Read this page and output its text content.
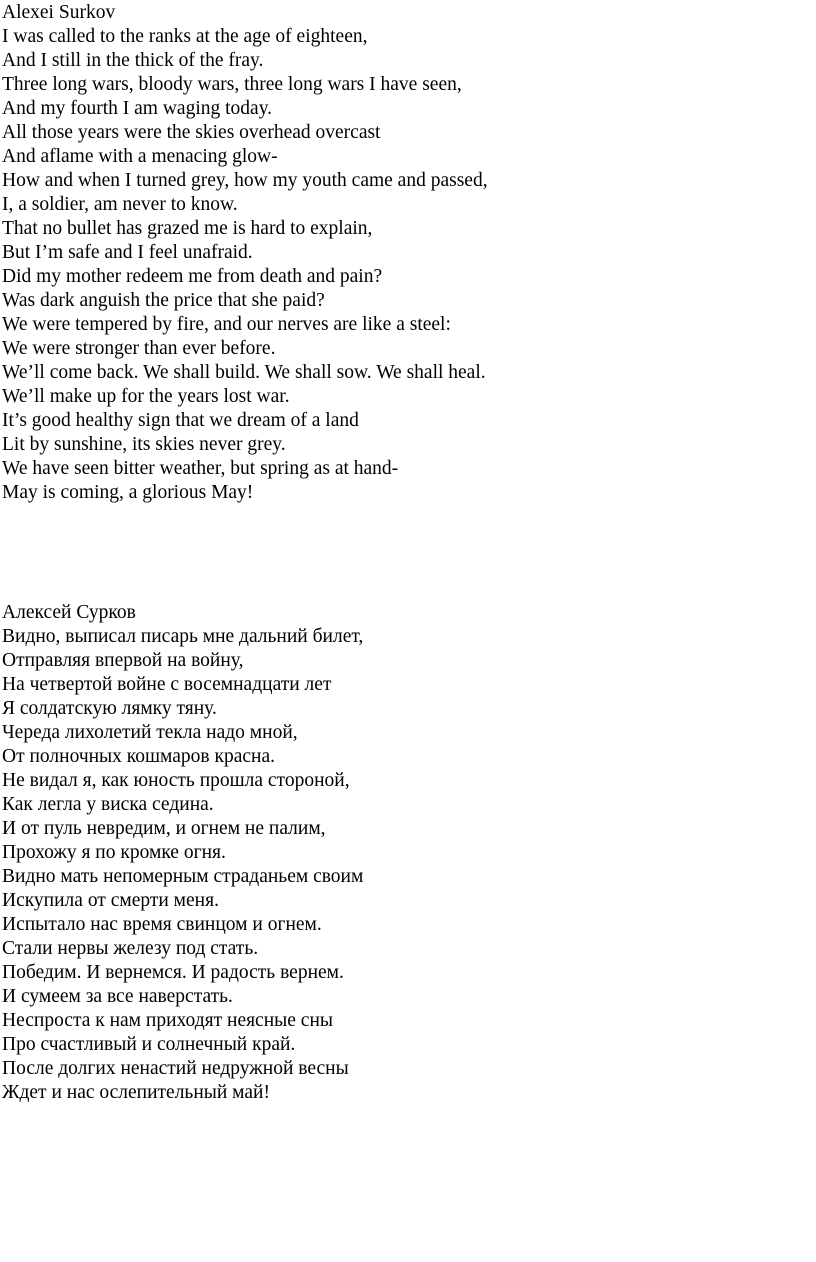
Alexei Surkov
I was called to the ranks at the age of eighteen,
And I still in the thick of the fray.
Three long wars, bloody wars, three long wars I have seen,
And my fourth I am waging today.
All those years were the skies overhead overcast
And aflame with a menacing glow-
How and when I turned grey, how my youth came and passed,
I, a soldier, am never to know.
That no bullet has grazed me is hard to explain,
But I’m safe and I feel unafraid.
Did my mother redeem me from death and pain?
Was dark anguish the price that she paid?
We were tempered by fire, and our nerves are like a steel:
We were stronger than ever before.
We’ll come back. We shall build. We shall sow. We shall heal.
We’ll make up for the years lost war.
It’s good healthy sign that we dream of a land
Lit by sunshine, its skies never grey.
We have seen bitter weather, but spring as at hand-
May is coming, a glorious May!
Алексей Сурков
Видно, выписал писарь мне дальний билет,
Отправляя впервой на войну,
На четвертой войне с восемнадцати лет
Я солдатскую лямку тяну.
Череда лихолетий текла надо мной,
От полночных кошмаров красна.
Не видал я, как юность прошла стороной,
Как легла у виска седина.
И от пуль невредим, и огнем не палим,
Прохожу я по кромке огня.
Видно мать непомерным страданьем своим
Искупила от смерти меня.
Испытало нас время свинцом и огнем.
Стали нервы железу под стать.
Победим. И вернемся. И радость вернем.
И сумеем за все наверстать.
Неспроста к нам приходят неясные сны
Про счастливый и солнечный край.
После долгих ненастий недружной весны
Ждет и нас ослепительный май!
